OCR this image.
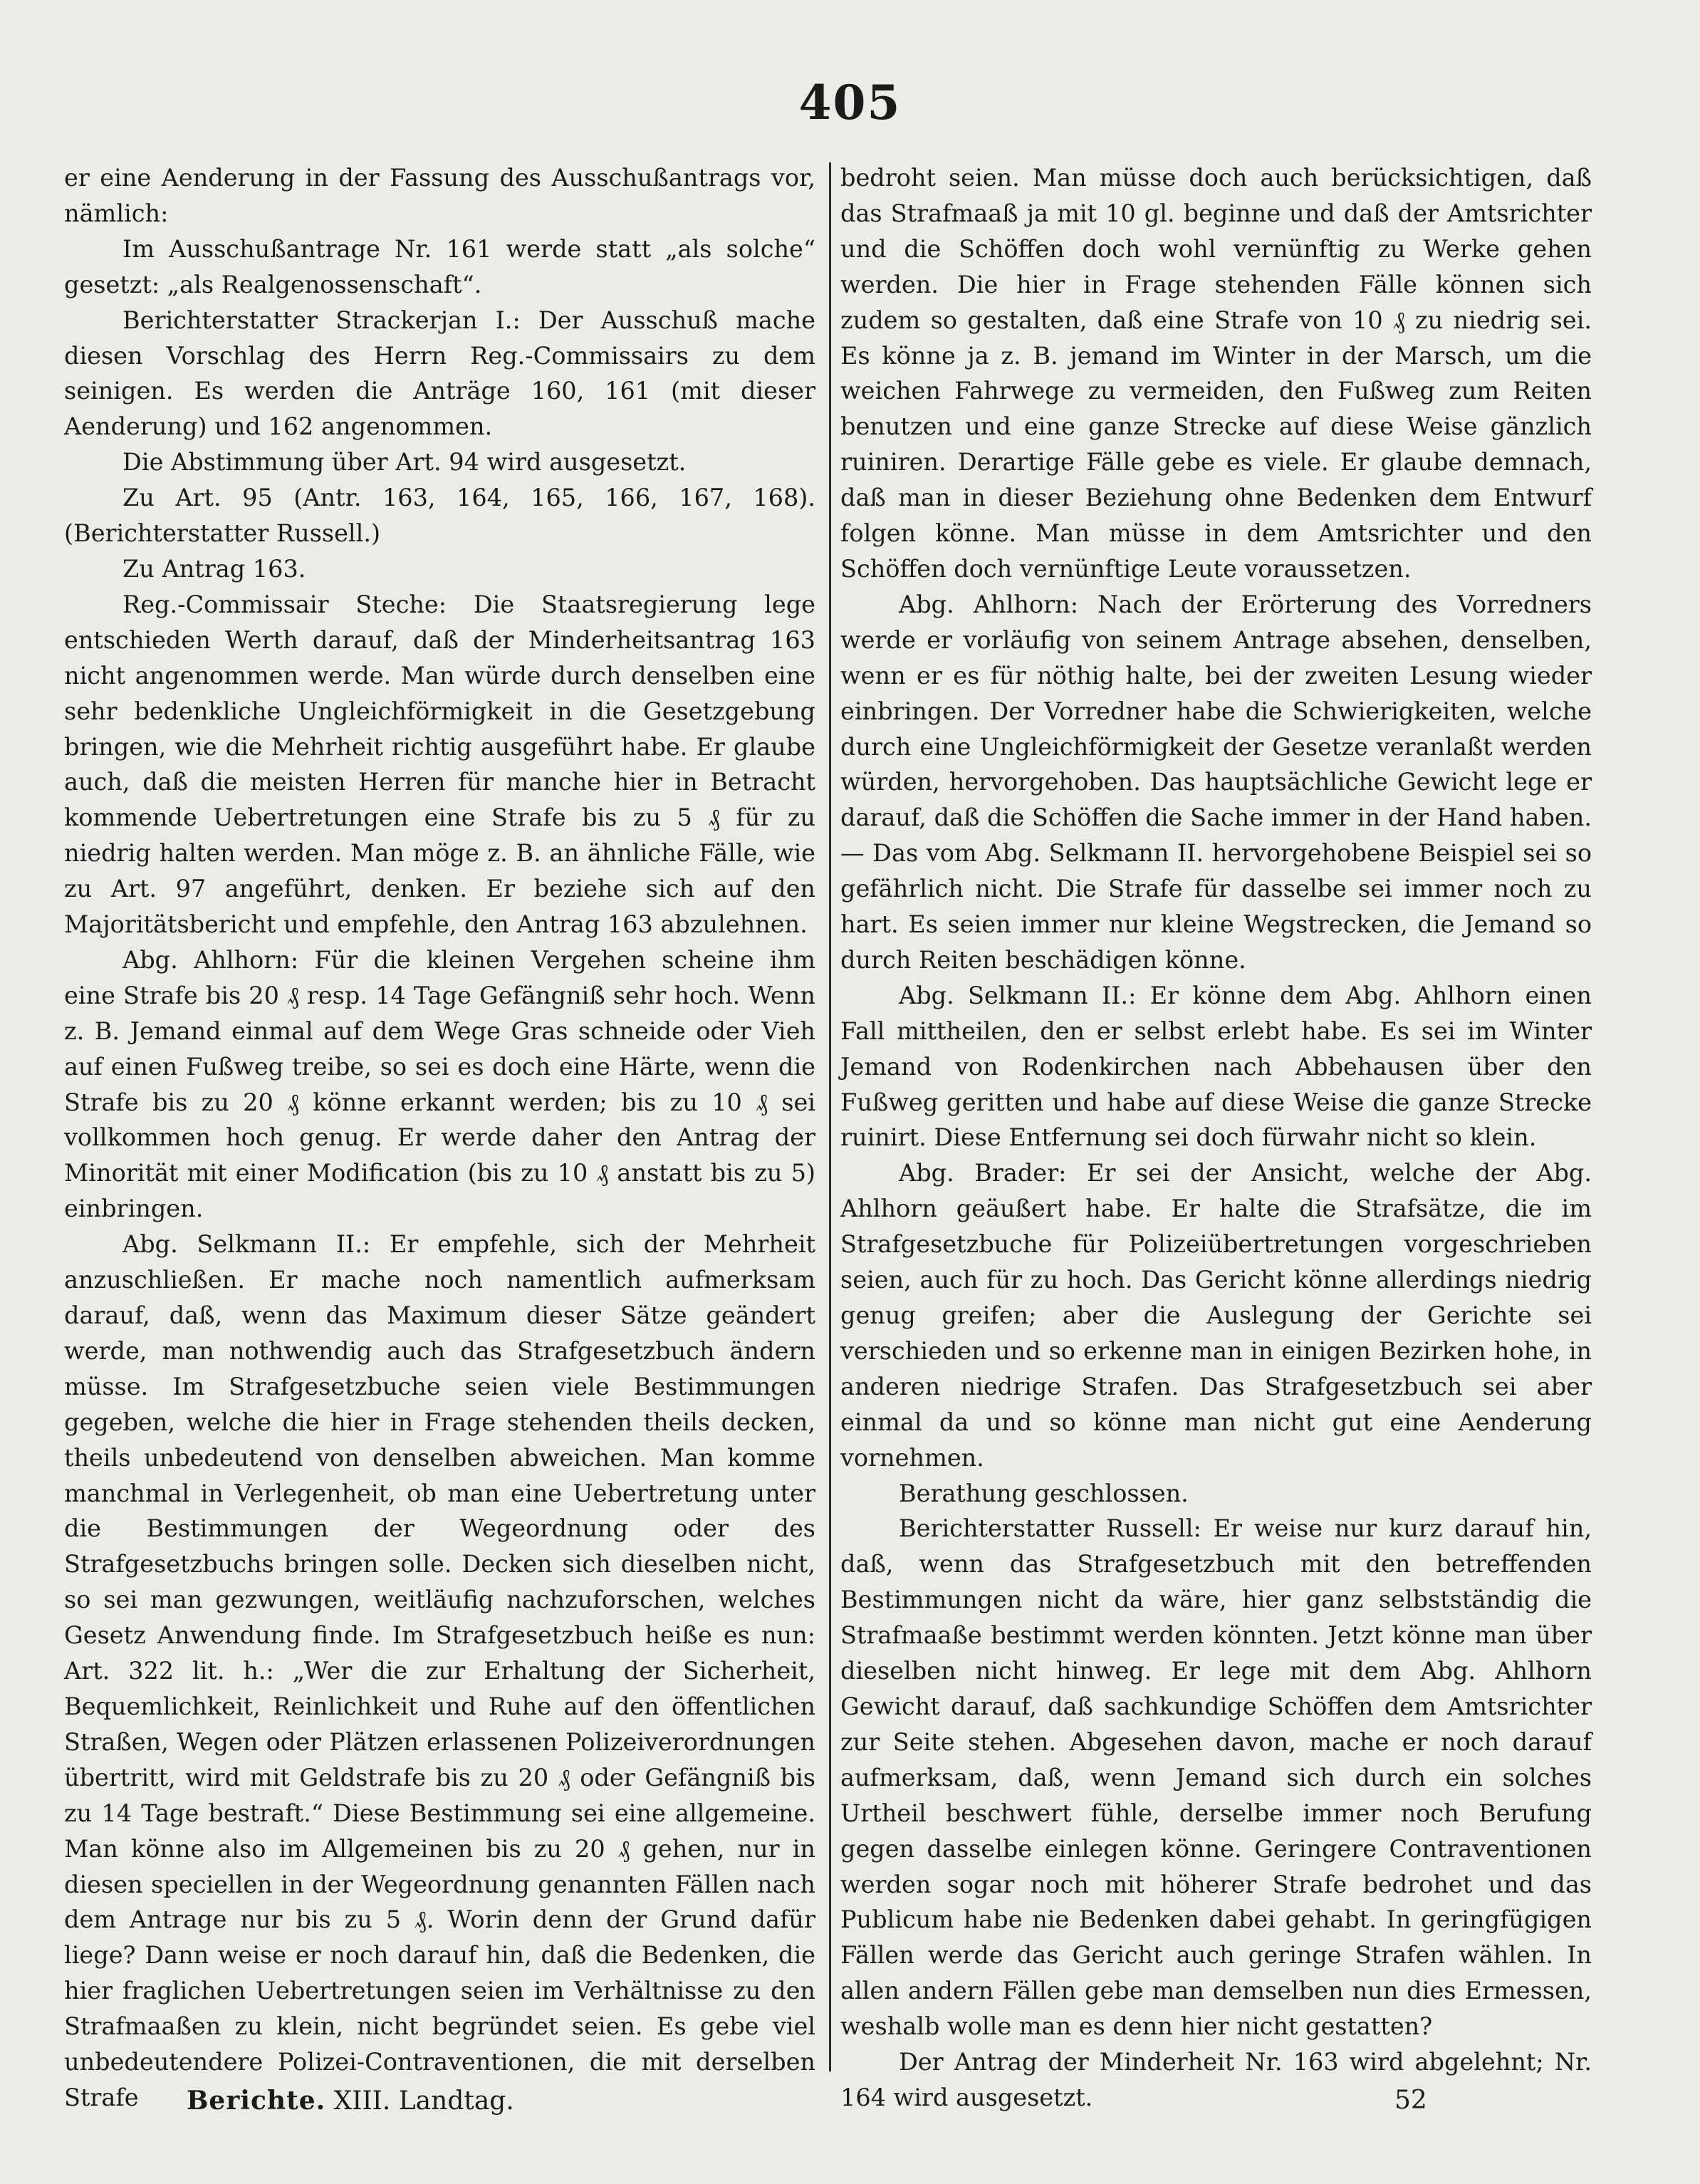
405

er eine Aenderung in der Fassung des Ausschußantrags vor, nämlich:

Im Ausschußantrage Nr. 161 werde statt „als solche“ gesetzt: „als Realgenossenschaft“.

Berichterstatter Strackerjan I.: Der Ausschuß mache diesen Vorschlag des Herrn Reg.-Commissairs zu dem seinigen. Es werden die Anträge 160, 161 (mit dieser Aenderung) und 162 angenommen.

Die Abstimmung über Art. 94 wird ausgesetzt.

Zu Art. 95 (Antr. 163, 164, 165, 166, 167, 168). (Berichterstatter Russell.)

Zu Antrag 163.

Reg.-Commissair Steche: Die Staatsregierung lege entschieden Werth darauf, daß der Minderheitsantrag 163 nicht angenommen werde. Man würde durch denselben eine sehr bedenkliche Ungleichförmigkeit in die Gesetzgebung bringen, wie die Mehrheit richtig ausgeführt habe. Er glaube auch, daß die meisten Herren für manche hier in Betracht kommende Uebertretungen eine Strafe bis zu 5 ₰ für zu niedrig halten werden. Man möge z. B. an ähnliche Fälle, wie zu Art. 97 angeführt, denken. Er beziehe sich auf den Majoritätsbericht und empfehle, den Antrag 163 abzulehnen.

Abg. Ahlhorn: Für die kleinen Vergehen scheine ihm eine Strafe bis 20 ₰ resp. 14 Tage Gefängniß sehr hoch. Wenn z. B. Jemand einmal auf dem Wege Gras schneide oder Vieh auf einen Fußweg treibe, so sei es doch eine Härte, wenn die Strafe bis zu 20 ₰ könne erkannt werden; bis zu 10 ₰ sei vollkommen hoch genug. Er werde daher den Antrag der Minorität mit einer Modification (bis zu 10 ₰ anstatt bis zu 5) einbringen.

Abg. Selkmann II.: Er empfehle, sich der Mehrheit anzuschließen. Er mache noch namentlich aufmerksam darauf, daß, wenn das Maximum dieser Sätze geändert werde, man nothwendig auch das Strafgesetzbuch ändern müsse. Im Strafgesetzbuche seien viele Bestimmungen gegeben, welche die hier in Frage stehenden theils decken, theils unbedeutend von denselben abweichen. Man komme manchmal in Verlegenheit, ob man eine Uebertretung unter die Bestimmungen der Wegeordnung oder des Strafgesetzbuchs bringen solle. Decken sich dieselben nicht, so sei man gezwungen, weitläufig nachzuforschen, welches Gesetz Anwendung finde. Im Strafgesetzbuch heiße es nun: Art. 322 lit. h.: „Wer die zur Erhaltung der Sicherheit, Bequemlichkeit, Reinlichkeit und Ruhe auf den öffentlichen Straßen, Wegen oder Plätzen erlassenen Polizeiverordnungen übertritt, wird mit Geldstrafe bis zu 20 ₰ oder Gefängniß bis zu 14 Tage bestraft.“ Diese Bestimmung sei eine allgemeine. Man könne also im Allgemeinen bis zu 20 ₰ gehen, nur in diesen speciellen in der Wegeordnung genannten Fällen nach dem Antrage nur bis zu 5 ₰. Worin denn der Grund dafür liege? Dann weise er noch darauf hin, daß die Bedenken, die hier fraglichen Uebertretungen seien im Verhältnisse zu den Strafmaaßen zu klein, nicht begründet seien. Es gebe viel unbedeutendere Polizei-Contraventionen, die mit derselben Strafe

bedroht seien. Man müsse doch auch berücksichtigen, daß das Strafmaaß ja mit 10 gl. beginne und daß der Amtsrichter und die Schöffen doch wohl vernünftig zu Werke gehen werden. Die hier in Frage stehenden Fälle können sich zudem so gestalten, daß eine Strafe von 10 ₰ zu niedrig sei. Es könne ja z. B. jemand im Winter in der Marsch, um die weichen Fahrwege zu vermeiden, den Fußweg zum Reiten benutzen und eine ganze Strecke auf diese Weise gänzlich ruiniren. Derartige Fälle gebe es viele. Er glaube demnach, daß man in dieser Beziehung ohne Bedenken dem Entwurf folgen könne. Man müsse in dem Amtsrichter und den Schöffen doch vernünftige Leute voraussetzen.

Abg. Ahlhorn: Nach der Erörterung des Vorredners werde er vorläufig von seinem Antrage absehen, denselben, wenn er es für nöthig halte, bei der zweiten Lesung wieder einbringen. Der Vorredner habe die Schwierigkeiten, welche durch eine Ungleichförmigkeit der Gesetze veranlaßt werden würden, hervorgehoben. Das hauptsächliche Gewicht lege er darauf, daß die Schöffen die Sache immer in der Hand haben. — Das vom Abg. Selkmann II. hervorgehobene Beispiel sei so gefährlich nicht. Die Strafe für dasselbe sei immer noch zu hart. Es seien immer nur kleine Wegstrecken, die Jemand so durch Reiten beschädigen könne.

Abg. Selkmann II.: Er könne dem Abg. Ahlhorn einen Fall mittheilen, den er selbst erlebt habe. Es sei im Winter Jemand von Rodenkirchen nach Abbehausen über den Fußweg geritten und habe auf diese Weise die ganze Strecke ruinirt. Diese Entfernung sei doch fürwahr nicht so klein.

Abg. Brader: Er sei der Ansicht, welche der Abg. Ahlhorn geäußert habe. Er halte die Strafsätze, die im Strafgesetzbuche für Polizeiübertretungen vorgeschrieben seien, auch für zu hoch. Das Gericht könne allerdings niedrig genug greifen; aber die Auslegung der Gerichte sei verschieden und so erkenne man in einigen Bezirken hohe, in anderen niedrige Strafen. Das Strafgesetzbuch sei aber einmal da und so könne man nicht gut eine Aenderung vornehmen.

Berathung geschlossen.

Berichterstatter Russell: Er weise nur kurz darauf hin, daß, wenn das Strafgesetzbuch mit den betreffenden Bestimmungen nicht da wäre, hier ganz selbstständig die Strafmaaße bestimmt werden könnten. Jetzt könne man über dieselben nicht hinweg. Er lege mit dem Abg. Ahlhorn Gewicht darauf, daß sachkundige Schöffen dem Amtsrichter zur Seite stehen. Abgesehen davon, mache er noch darauf aufmerksam, daß, wenn Jemand sich durch ein solches Urtheil beschwert fühle, derselbe immer noch Berufung gegen dasselbe einlegen könne. Geringere Contraventionen werden sogar noch mit höherer Strafe bedrohet und das Publicum habe nie Bedenken dabei gehabt. In geringfügigen Fällen werde das Gericht auch geringe Strafen wählen. In allen andern Fällen gebe man demselben nun dies Ermessen, weshalb wolle man es denn hier nicht gestatten?

Der Antrag der Minderheit Nr. 163 wird abgelehnt; Nr. 164 wird ausgesetzt.

Berichte. XIII. Landtag.	52
